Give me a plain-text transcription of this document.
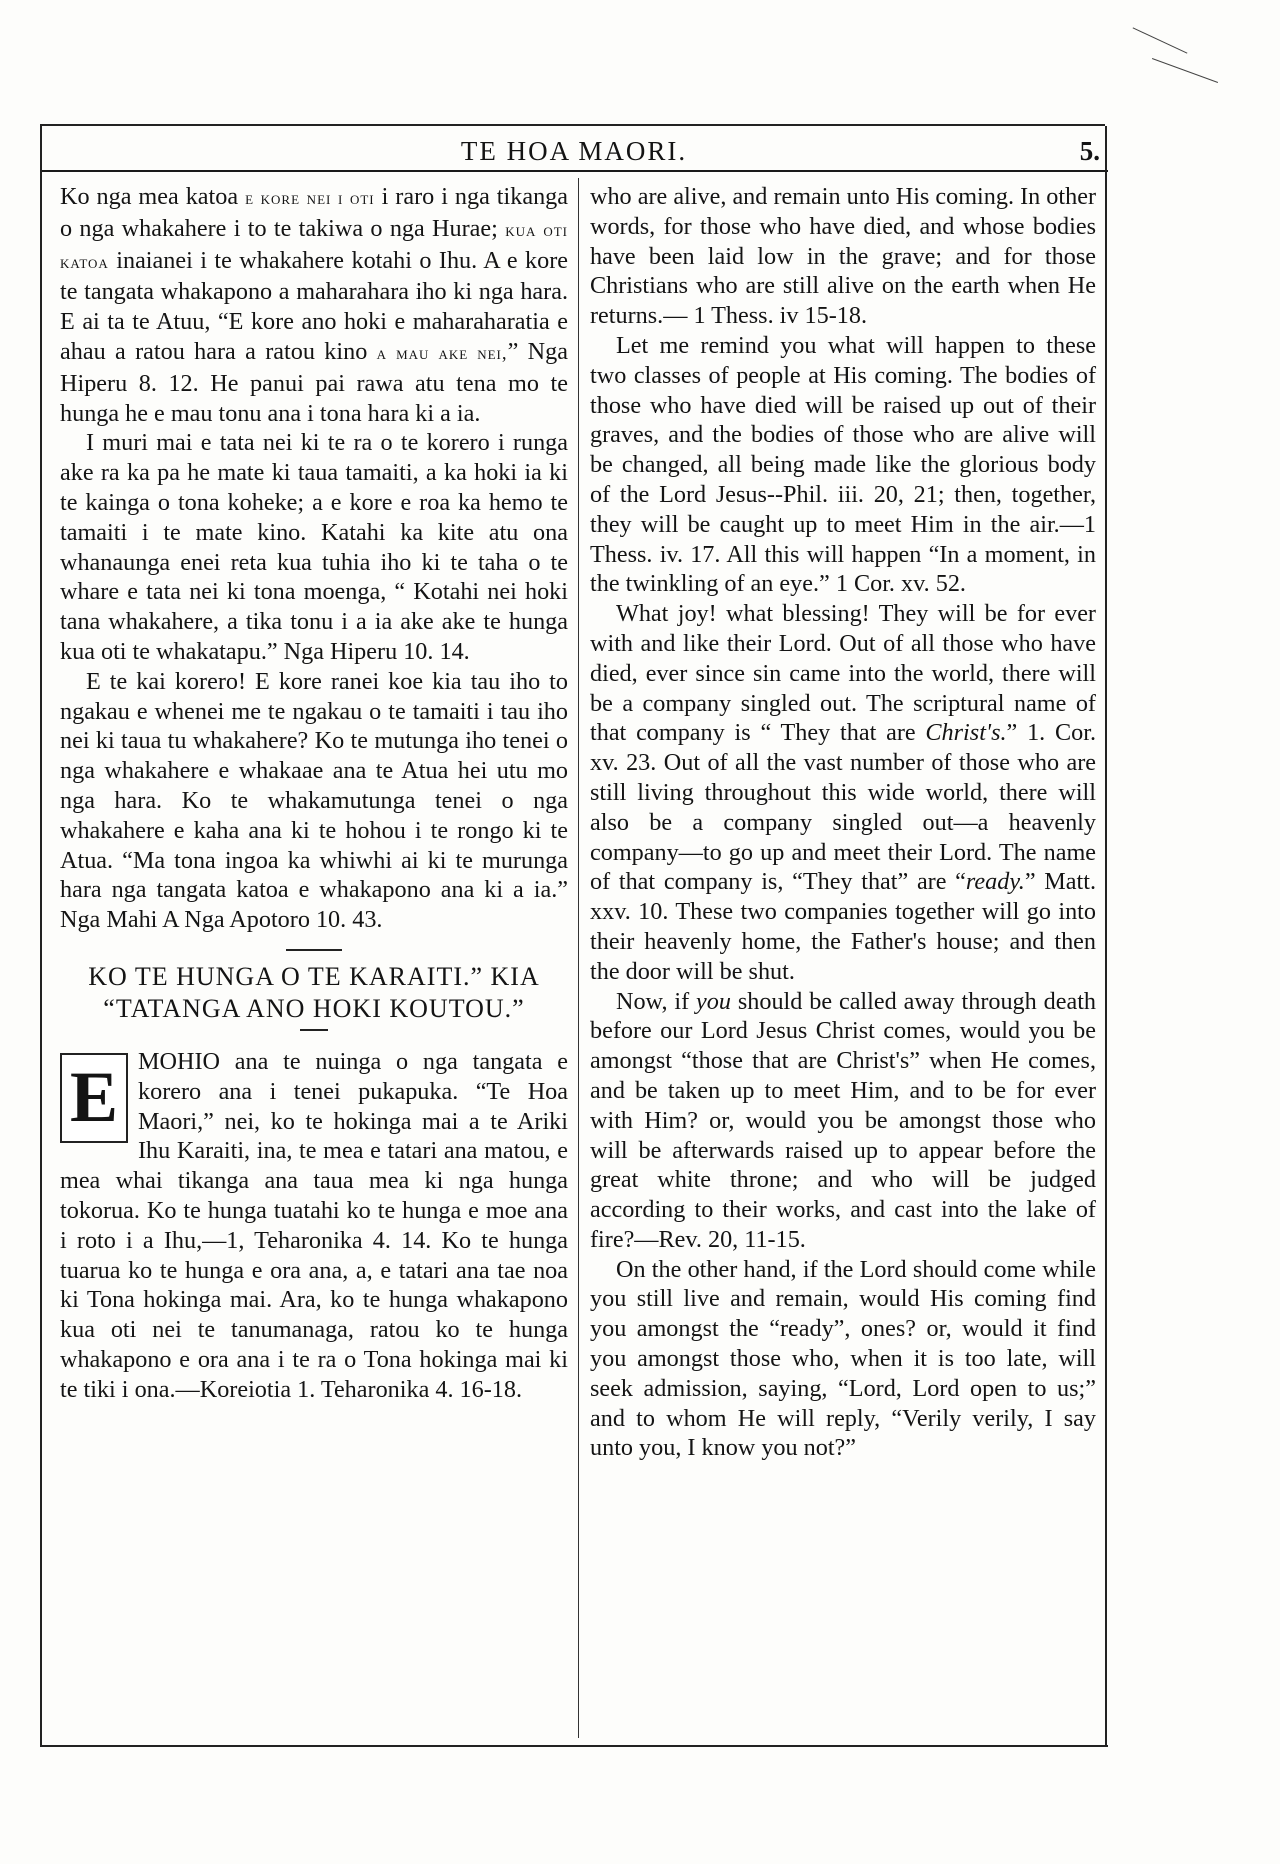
TE HOA MAORI.	5.

Ko nga mea katoa e kore nei i oti i raro i nga tikanga o nga whakahere i to te takiwa o nga Hurae; kua oti katoa inaianei i te whakahere kotahi o Ihu. A e kore te tangata whakapono a maharahara iho ki nga hara. E ai ta te Atuu, “E kore ano hoki e maharaharatia e ahau a ratou hara a ratou kino a mau ake nei,” Nga Hiperu 8. 12. He panui pai rawa atu tena mo te hunga he e mau tonu ana i tona hara ki a ia.

I muri mai e tata nei ki te ra o te korero i runga ake ra ka pa he mate ki taua tamaiti, a ka hoki ia ki te kainga o tona koheke; a e kore e roa ka hemo te tamaiti i te mate kino. Katahi ka kite atu ona whanaunga enei reta kua tuhia iho ki te taha o te whare e tata nei ki tona moenga, “ Kotahi nei hoki tana whakahere, a tika tonu i a ia ake ake te hunga kua oti te whakatapu.” Nga Hiperu 10. 14.

E te kai korero! E kore ranei koe kia tau iho to ngakau e whenei me te ngakau o te tamaiti i tau iho nei ki taua tu whakahere? Ko te mutunga iho tenei o nga whakahere e whakaae ana te Atua hei utu mo nga hara. Ko te whakamutunga tenei o nga whakahere e kaha ana ki te hohou i te rongo ki te Atua. “Ma tona ingoa ka whiwhi ai ki te murunga hara nga tangata katoa e whakapono ana ki a ia.” Nga Mahi A Nga Apotoro 10. 43.

KO TE HUNGA O TE KARAITI.” KIA
“TATANGA ANO HOKI KOUTOU.”

E MOHIO ana te nuinga o nga tangata e korero ana i tenei pukapuka. “Te Hoa Maori,” nei, ko te hokinga mai a te Ariki Ihu Karaiti, ina, te mea e tatari ana matou, e mea whai tikanga ana taua mea ki nga hunga tokorua. Ko te hunga tuatahi ko te hunga e moe ana i roto i a Ihu,—1, Teharonika 4. 14. Ko te hunga tuarua ko te hunga e ora ana, a, e tatari ana tae noa ki Tona hokinga mai. Ara, ko te hunga whakapono kua oti nei te tanumanaga, ratou ko te hunga whakapono e ora ana i te ra o Tona hokinga mai ki te tiki i ona.—Koreiotia 1. Teharonika 4. 16-18.

who are alive, and remain unto His coming. In other words, for those who have died, and whose bodies have been laid low in the grave; and for those Christians who are still alive on the earth when He returns.— 1 Thess. iv 15-18.

Let me remind you what will happen to these two classes of people at His coming. The bodies of those who have died will be raised up out of their graves, and the bodies of those who are alive will be changed, all being made like the glorious body of the Lord Jesus--Phil. iii. 20, 21; then, together, they will be caught up to meet Him in the air.—1 Thess. iv. 17. All this will happen “In a moment, in the twinkling of an eye.” 1 Cor. xv. 52.

What joy! what blessing! They will be for ever with and like their Lord. Out of all those who have died, ever since sin came into the world, there will be a company singled out. The scriptural name of that company is “ They that are Christ's.” 1. Cor. xv. 23. Out of all the vast number of those who are still living throughout this wide world, there will also be a company singled out—a heavenly company—to go up and meet their Lord. The name of that company is, “They that” are “ready.” Matt. xxv. 10. These two companies together will go into their heavenly home, the Father's house; and then the door will be shut.

Now, if you should be called away through death before our Lord Jesus Christ comes, would you be amongst “those that are Christ's” when He comes, and be taken up to meet Him, and to be for ever with Him? or, would you be amongst those who will be afterwards raised up to appear before the great white throne; and who will be judged according to their works, and cast into the lake of fire?—Rev. 20, 11-15.

On the other hand, if the Lord should come while you still live and remain, would His coming find you amongst the “ready”, ones? or, would it find you amongst those who, when it is too late, will seek admission, saying, “Lord, Lord open to us;” and to whom He will reply, “Verily verily, I say unto you, I know you not?”
